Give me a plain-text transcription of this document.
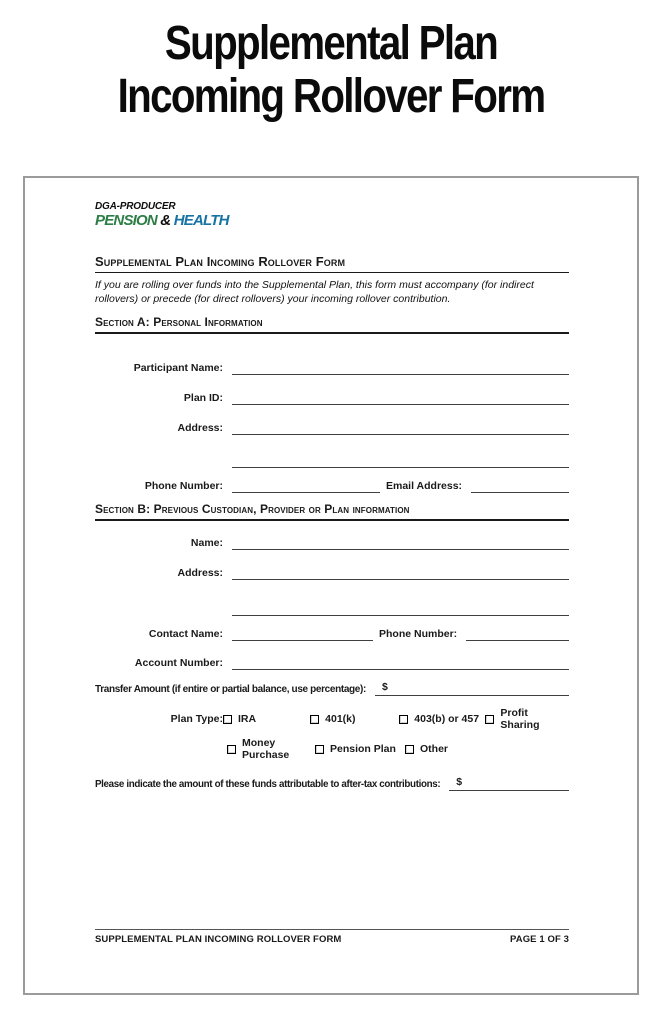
Supplemental Plan
Incoming Rollover Form
DGA-PRODUCER
PENSION & HEALTH
Supplemental Plan Incoming Rollover Form

If you are rolling over funds into the Supplemental Plan, this form must accompany (for indirect rollovers) or precede (for direct rollovers) your incoming rollover contribution.

Section A: Personal Information
Participant Name:
Plan ID:
Address:
Phone Number:	Email Address:
Section B: Previous Custodian, Provider or Plan information
Name:
Address:
Contact Name:	Phone Number:
Account Number:
Transfer Amount (if entire or partial balance, use percentage):	$
Plan Type: IRA	401(k)	403(b) or 457 Profit Sharing
Money Purchase	Pension Plan Other
Please indicate the amount of these funds attributable to after-tax contributions:	$
SUPPLEMENTAL PLAN INCOMING ROLLOVER FORM	PAGE 1 OF 3
